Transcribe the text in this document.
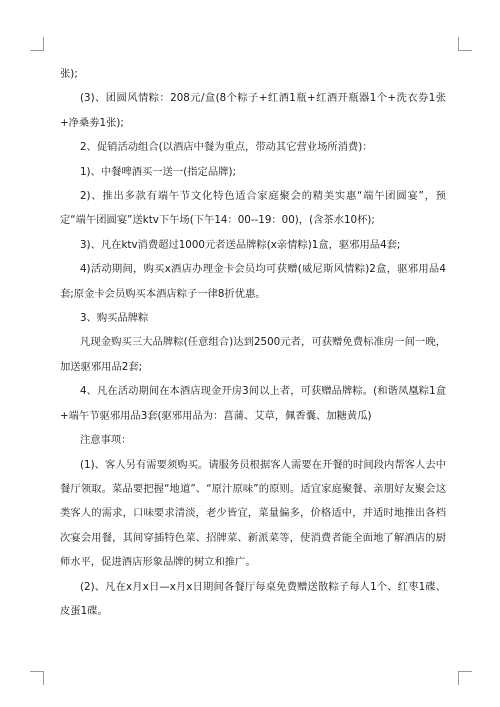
张);

(3)、团圆风情粽：208元/盒(8个粽子+红酒1瓶+红酒开瓶器1个+洗衣券1张+净桑劵1张);

2、促销活动组合(以酒店中餐为重点，带动其它营业场所消费)：

1)、中餐啤酒买一送一(指定品牌);

2)、推出多款有端午节文化特色适合家庭聚会的精美实惠“端午团圆宴”，预定“端午团圆宴”送ktv下午场(下午14：00--19：00)，(含茶水10杯);

3)、凡在ktv消费超过1000元者送品牌粽(x亲情粽)1盒，驱邪用品4套;

4)活动期间，购买x酒店办理金卡会员均可获赠(威尼斯风情粽)2盒，驱邪用品4套;原金卡会员购买本酒店粽子一律8折优惠。

3、购买品牌粽

凡现金购买三大品牌粽(任意组合)达到2500元者，可获赠免费标准房一间一晚，加送驱邪用品2套;

4、凡在活动期间在本酒店现金开房3间以上者，可获赠品牌粽。(和谐凤凰粽1盒+端午节驱邪用品3套(驱邪用品为：菖蒲、艾草，佩香囊、加糖黄瓜)

注意事项：

(1)、客人另有需要须购买。请服务员根据客人需要在开餐的时间段内帮客人去中餐厅领取。菜品要把握“地道”、“原汁原味”的原则。适宜家庭聚餐、亲朋好友聚会这类客人的需求，口味要求清淡，老少皆宜，菜量偏多，价格适中，并适时地推出各档次宴会用餐，其间穿插特色菜、招牌菜、新派菜等，使消费者能全面地了解酒店的厨师水平，促进酒店形象品牌的树立和推广。

(2)、凡在x月x日—x月x日期间各餐厅每桌免费赠送散粽子每人1个、红枣1碟、皮蛋1碟。
